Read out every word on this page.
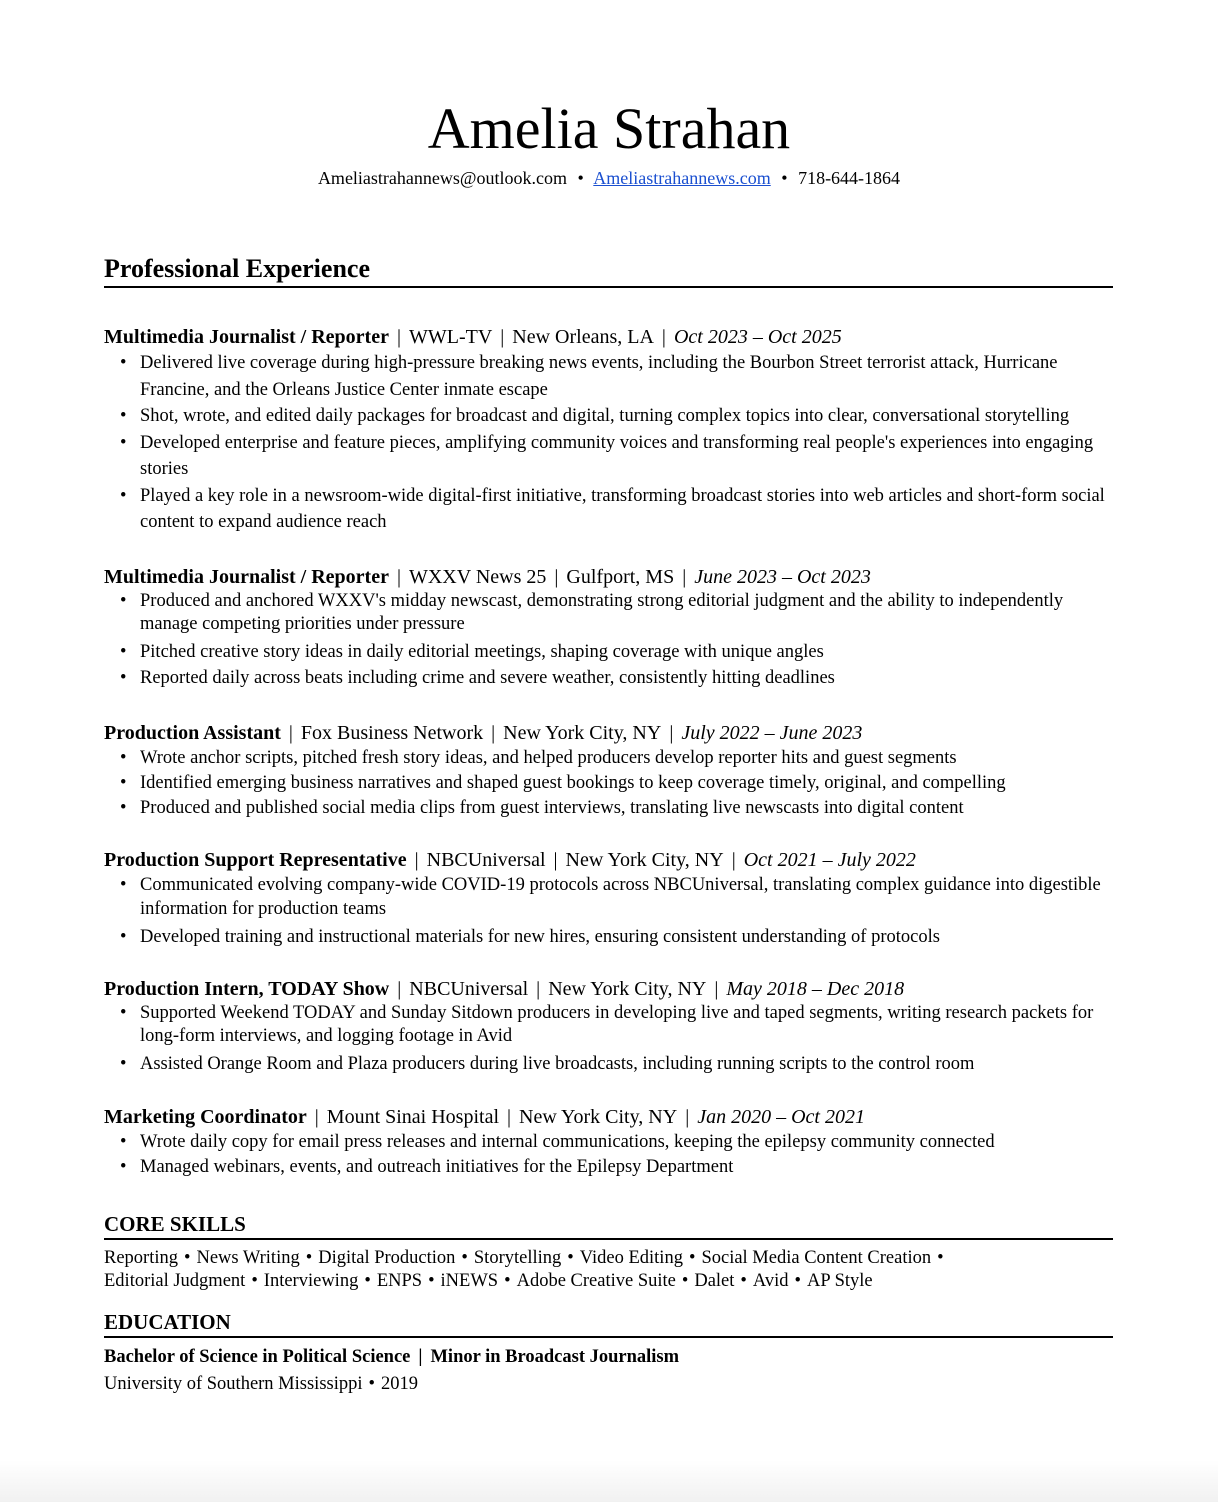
Amelia Strahan
Ameliastrahannews@outlook.com • Ameliastrahannews.com • 718-644-1864
Professional Experience
Multimedia Journalist / Reporter | WWL-TV | New Orleans, LA | Oct 2023 – Oct 2025
• Delivered live coverage during high-pressure breaking news events, including the Bourbon Street terrorist attack, Hurricane Francine, and the Orleans Justice Center inmate escape
• Shot, wrote, and edited daily packages for broadcast and digital, turning complex topics into clear, conversational storytelling
• Developed enterprise and feature pieces, amplifying community voices and transforming real people's experiences into engaging stories
• Played a key role in a newsroom-wide digital-first initiative, transforming broadcast stories into web articles and short-form social content to expand audience reach
Multimedia Journalist / Reporter | WXXV News 25 | Gulfport, MS | June 2023 – Oct 2023
• Produced and anchored WXXV's midday newscast, demonstrating strong editorial judgment and the ability to independently manage competing priorities under pressure
• Pitched creative story ideas in daily editorial meetings, shaping coverage with unique angles
• Reported daily across beats including crime and severe weather, consistently hitting deadlines
Production Assistant | Fox Business Network | New York City, NY | July 2022 – June 2023
• Wrote anchor scripts, pitched fresh story ideas, and helped producers develop reporter hits and guest segments
• Identified emerging business narratives and shaped guest bookings to keep coverage timely, original, and compelling
• Produced and published social media clips from guest interviews, translating live newscasts into digital content
Production Support Representative | NBCUniversal | New York City, NY | Oct 2021 – July 2022
• Communicated evolving company-wide COVID-19 protocols across NBCUniversal, translating complex guidance into digestible information for production teams
• Developed training and instructional materials for new hires, ensuring consistent understanding of protocols
Production Intern, TODAY Show | NBCUniversal | New York City, NY | May 2018 – Dec 2018
• Supported Weekend TODAY and Sunday Sitdown producers in developing live and taped segments, writing research packets for long-form interviews, and logging footage in Avid
• Assisted Orange Room and Plaza producers during live broadcasts, including running scripts to the control room
Marketing Coordinator | Mount Sinai Hospital | New York City, NY | Jan 2020 – Oct 2021
• Wrote daily copy for email press releases and internal communications, keeping the epilepsy community connected
• Managed webinars, events, and outreach initiatives for the Epilepsy Department
CORE SKILLS
Reporting • News Writing • Digital Production • Storytelling • Video Editing • Social Media Content Creation •
Editorial Judgment • Interviewing • ENPS • iNEWS • Adobe Creative Suite • Dalet • Avid • AP Style
EDUCATION
Bachelor of Science in Political Science | Minor in Broadcast Journalism
University of Southern Mississippi • 2019
